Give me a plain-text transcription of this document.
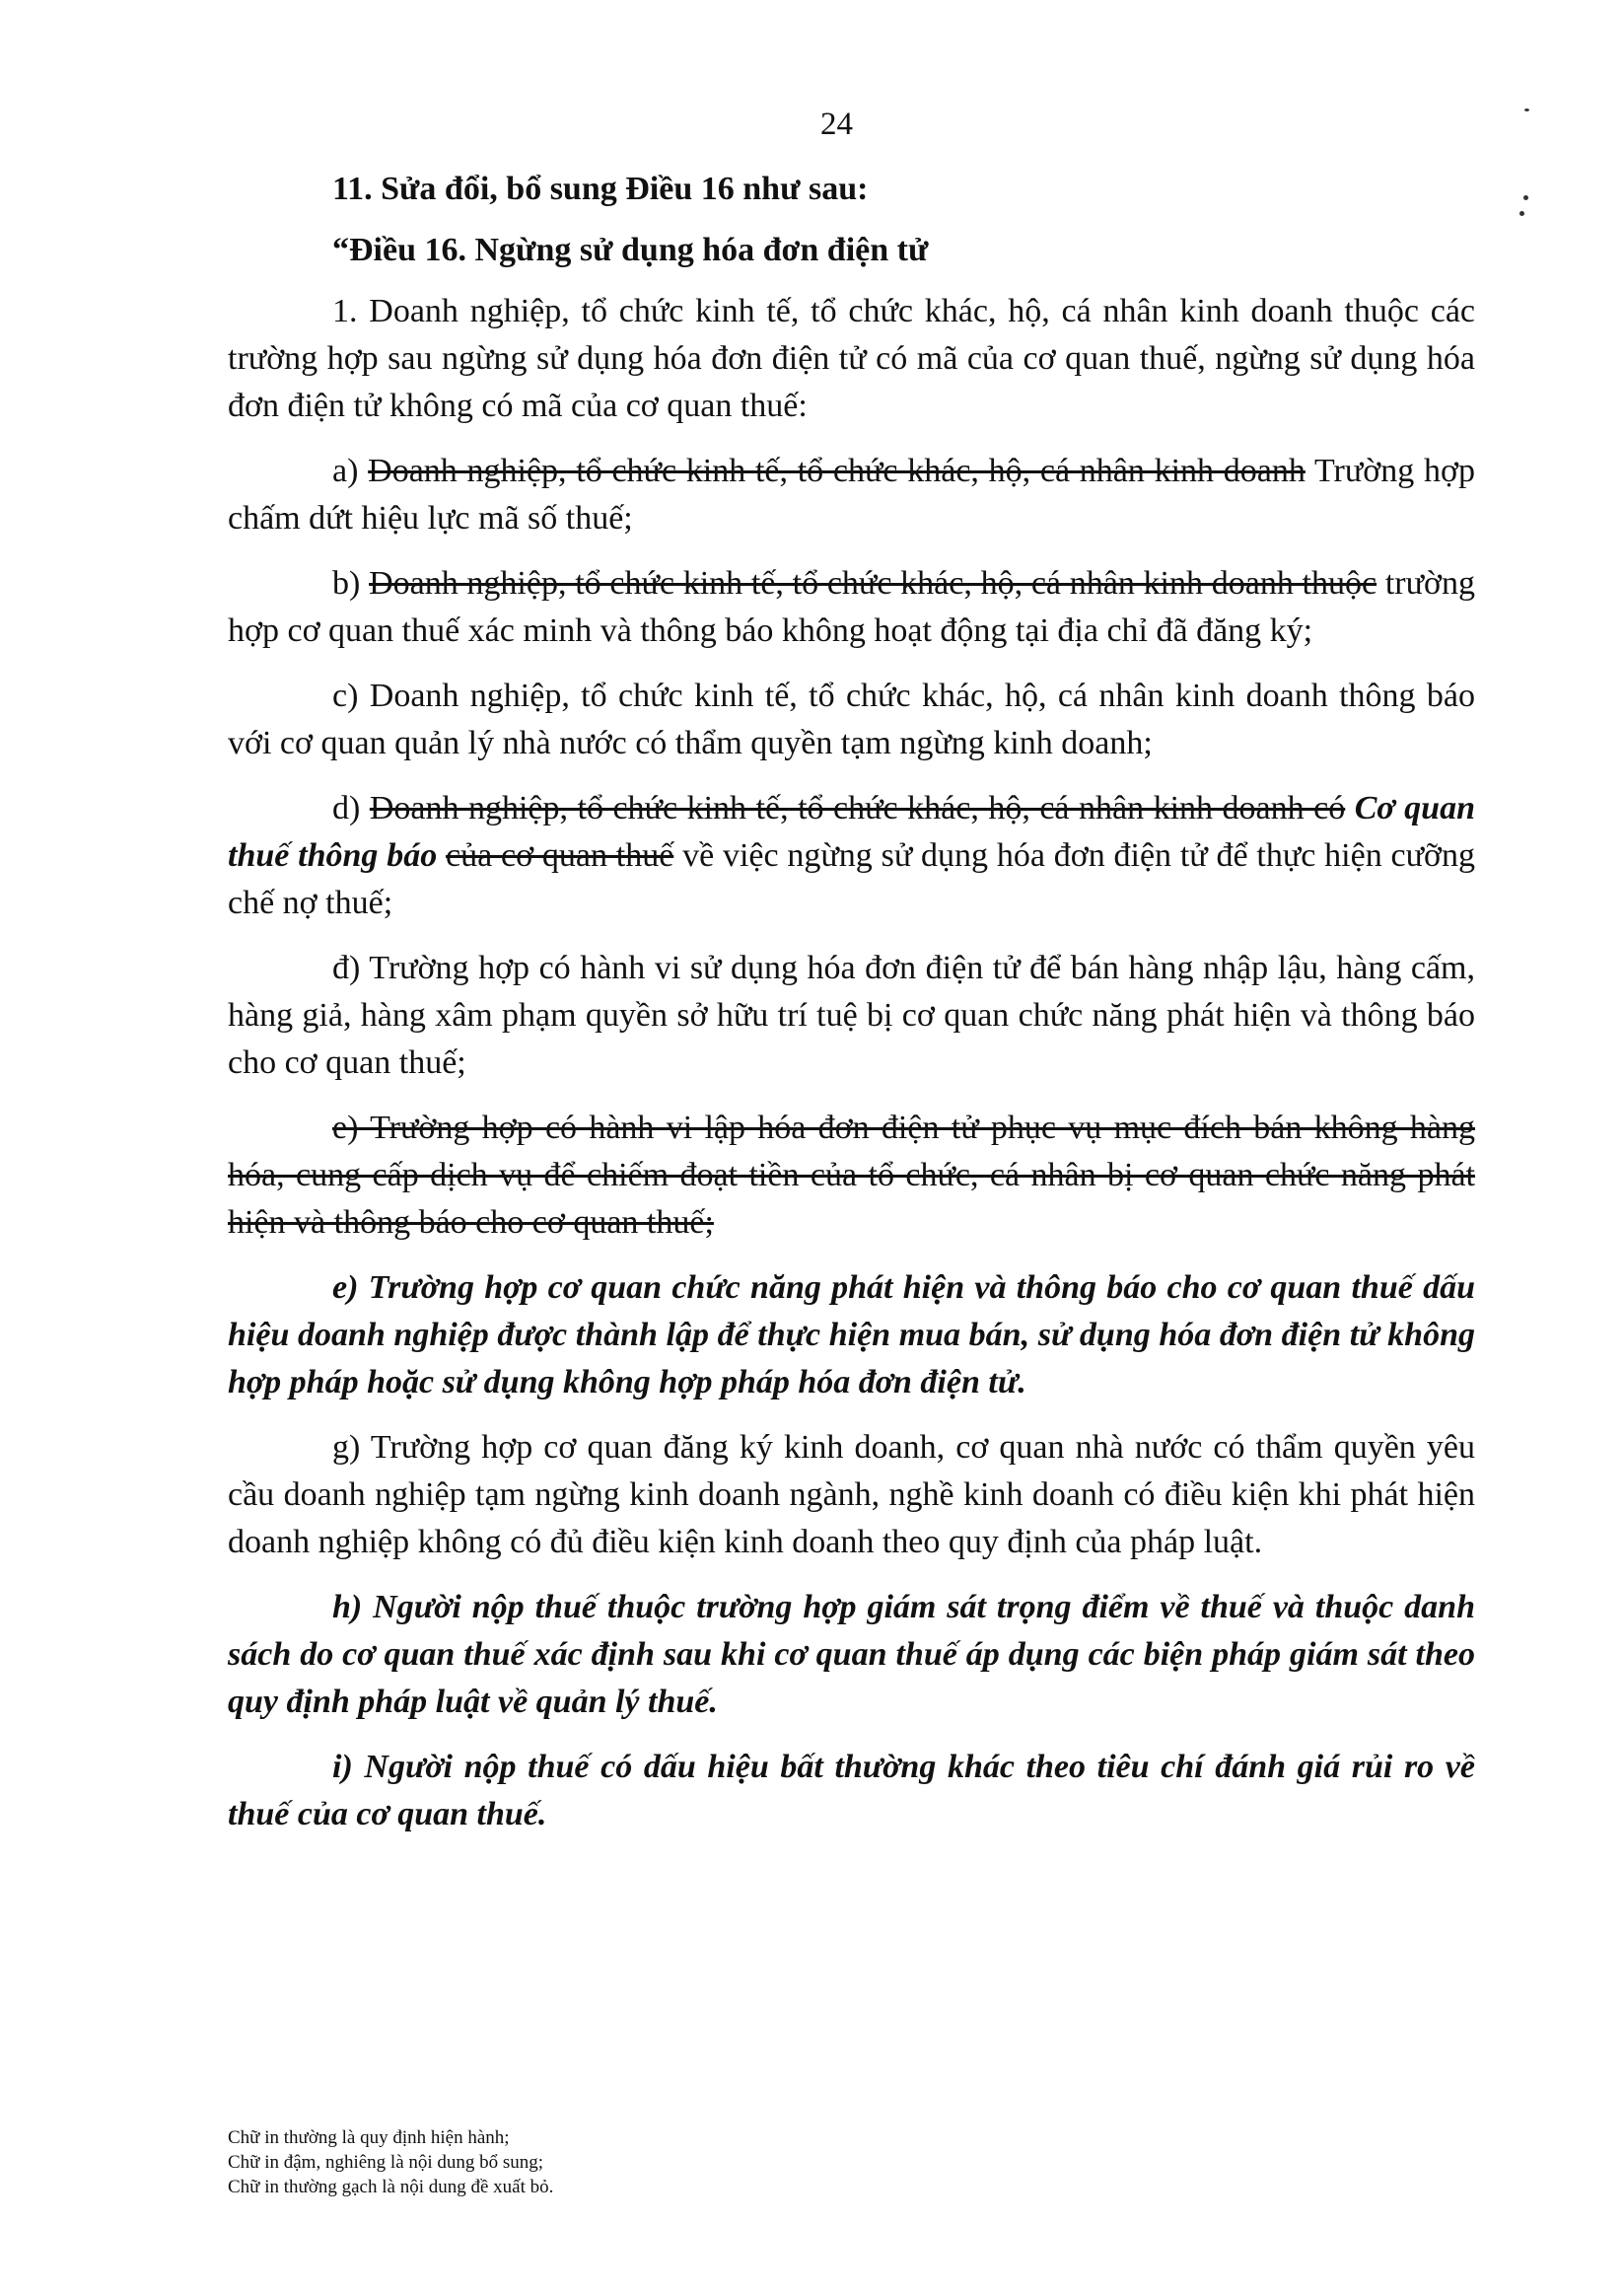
24

11. Sửa đổi, bổ sung Điều 16 như sau:

“Điều 16. Ngừng sử dụng hóa đơn điện tử

1. Doanh nghiệp, tổ chức kinh tế, tổ chức khác, hộ, cá nhân kinh doanh thuộc các trường hợp sau ngừng sử dụng hóa đơn điện tử có mã của cơ quan thuế, ngừng sử dụng hóa đơn điện tử không có mã của cơ quan thuế:

a) Doanh nghiệp, tổ chức kinh tế, tổ chức khác, hộ, cá nhân kinh doanh Trường hợp chấm dứt hiệu lực mã số thuế;

b) Doanh nghiệp, tổ chức kinh tế, tổ chức khác, hộ, cá nhân kinh doanh thuộc trường hợp cơ quan thuế xác minh và thông báo không hoạt động tại địa chỉ đã đăng ký;

c) Doanh nghiệp, tổ chức kinh tế, tổ chức khác, hộ, cá nhân kinh doanh thông báo với cơ quan quản lý nhà nước có thẩm quyền tạm ngừng kinh doanh;

d) Doanh nghiệp, tổ chức kinh tế, tổ chức khác, hộ, cá nhân kinh doanh có Cơ quan thuế thông báo của cơ quan thuế về việc ngừng sử dụng hóa đơn điện tử để thực hiện cưỡng chế nợ thuế;

đ) Trường hợp có hành vi sử dụng hóa đơn điện tử để bán hàng nhập lậu, hàng cấm, hàng giả, hàng xâm phạm quyền sở hữu trí tuệ bị cơ quan chức năng phát hiện và thông báo cho cơ quan thuế;

e) Trường hợp có hành vi lập hóa đơn điện tử phục vụ mục đích bán không hàng hóa, cung cấp dịch vụ để chiếm đoạt tiền của tổ chức, cá nhân bị cơ quan chức năng phát hiện và thông báo cho cơ quan thuế;

e) Trường hợp cơ quan chức năng phát hiện và thông báo cho cơ quan thuế dấu hiệu doanh nghiệp được thành lập để thực hiện mua bán, sử dụng hóa đơn điện tử không hợp pháp hoặc sử dụng không hợp pháp hóa đơn điện tử.

g) Trường hợp cơ quan đăng ký kinh doanh, cơ quan nhà nước có thẩm quyền yêu cầu doanh nghiệp tạm ngừng kinh doanh ngành, nghề kinh doanh có điều kiện khi phát hiện doanh nghiệp không có đủ điều kiện kinh doanh theo quy định của pháp luật.

h) Người nộp thuế thuộc trường hợp giám sát trọng điểm về thuế và thuộc danh sách do cơ quan thuế xác định sau khi cơ quan thuế áp dụng các biện pháp giám sát theo quy định pháp luật về quản lý thuế.

i) Người nộp thuế có dấu hiệu bất thường khác theo tiêu chí đánh giá rủi ro về thuế của cơ quan thuế.

Chữ in thường là quy định hiện hành;
Chữ in đậm, nghiêng là nội dung bổ sung;
Chữ in thường gạch là nội dung đề xuất bỏ.
